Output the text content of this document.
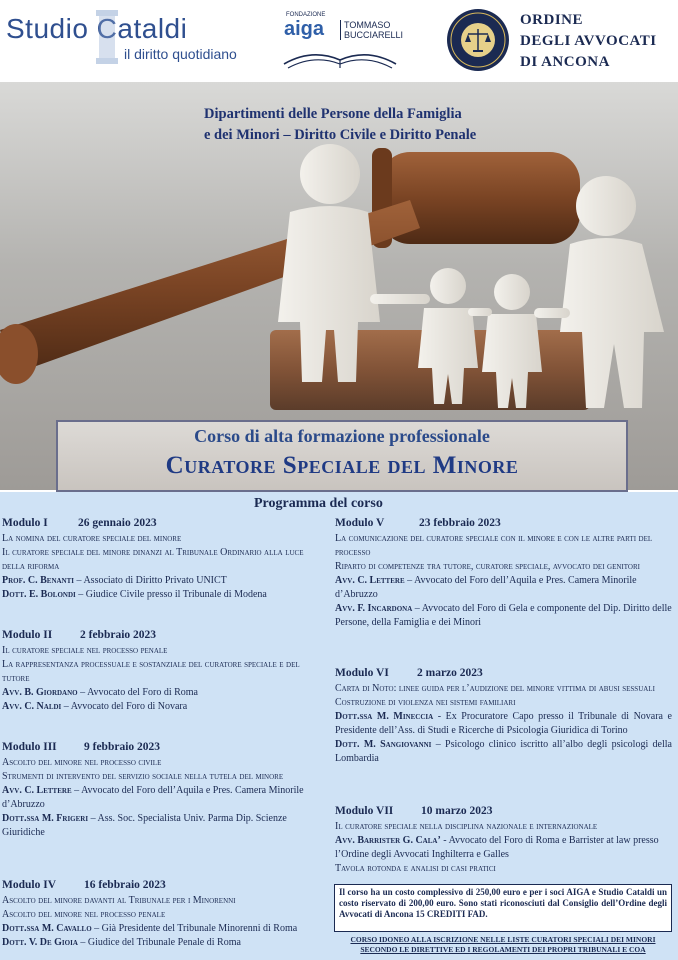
Studio Cataldi
il diritto quotidiano
FONDAZIONE
aiga	TOMMASO
BUCCIARELLI
ORDINE
DEGLI AVVOCATI
DI ANCONA
Dipartimenti delle Persone della Famiglia
e dei Minori – Diritto Civile e Diritto Penale
Corso di alta formazione professionale
Curatore Speciale del Minore
Programma del corso
Modulo I	26 gennaio 2023
La nomina del curatore speciale del minore
Il curatore speciale del minore dinanzi al Tribunale Ordinario alla luce della riforma
Prof. C. Benanti – Associato di Diritto Privato UNICT
Dott. E. Bolondi – Giudice Civile presso il Tribunale di Modena
Modulo II 2 febbraio 2023
Il curatore speciale nel processo penale
La rappresentanza processuale e sostanziale del curatore speciale e del tutore
Avv. B. Giordano – Avvocato del Foro di Roma
Avv. C. Naldi – Avvocato del Foro di Novara
Modulo III 9 febbraio 2023
Ascolto del minore nel processo civile
Strumenti di intervento del servizio sociale nella tutela del minore
Avv. C. Lettere – Avvocato del Foro dell’Aquila e Pres. Camera Minorile d’Abruzzo
Dott.ssa M. Frigeri – Ass. Soc. Specialista Univ. Parma Dip. Scienze Giuridiche
Modulo IV 16 febbraio 2023
Ascolto del minore davanti al Tribunale per i Minorenni
Ascolto del minore nel processo penale
Dott.ssa M. Cavallo – Già Presidente del Tribunale Minorenni di Roma
Dott. V. De Gioia – Giudice del Tribunale Penale di Roma
Modulo V	23 febbraio 2023
La comunicazione del curatore speciale con il minore e con le altre parti del processo
Riparto di competenze tra tutore, curatore speciale, avvocato dei genitori
Avv. C. Lettere – Avvocato del Foro dell’Aquila e Pres. Camera Minorile d’Abruzzo
Avv. F. Incardona – Avvocato del Foro di Gela e componente del Dip. Diritto delle Persone, della Famiglia e dei Minori
Modulo VI 2 marzo 2023
Carta di Noto: linee guida per l’audizione del minore vittima di abusi sessuali
Costruzione di violenza nei sistemi familiari
Dott.ssa M. Mineccia - Ex Procuratore Capo presso il Tribunale di Novara e Presidente dell’Ass. di Studi e Ricerche di Psicologia Giuridica di Torino
Dott. M. Sangiovanni – Psicologo clinico iscritto all’albo degli psicologi della Lombardia
Modulo VII 10 marzo 2023
Il curatore speciale nella disciplina nazionale e internazionale
Avv. Barrister G. Cala’ - Avvocato del Foro di Roma e Barrister at law presso l’Ordine degli Avvocati Inghilterra e Galles
Tavola rotonda e analisi di casi pratici
Il corso ha un costo complessivo di 250,00 euro e per i soci AIGA e Studio Cataldi un costo riservato di 200,00 euro. Sono stati riconosciuti dal Consiglio dell’Ordine degli Avvocati di Ancona 15 CREDITI FAD.
CORSO IDONEO ALLA ISCRIZIONE NELLE LISTE CURATORI SPECIALI DEI MINORI SECONDO LE DIRETTIVE ED I REGOLAMENTI DEI PROPRI TRIBUNALI E COA
